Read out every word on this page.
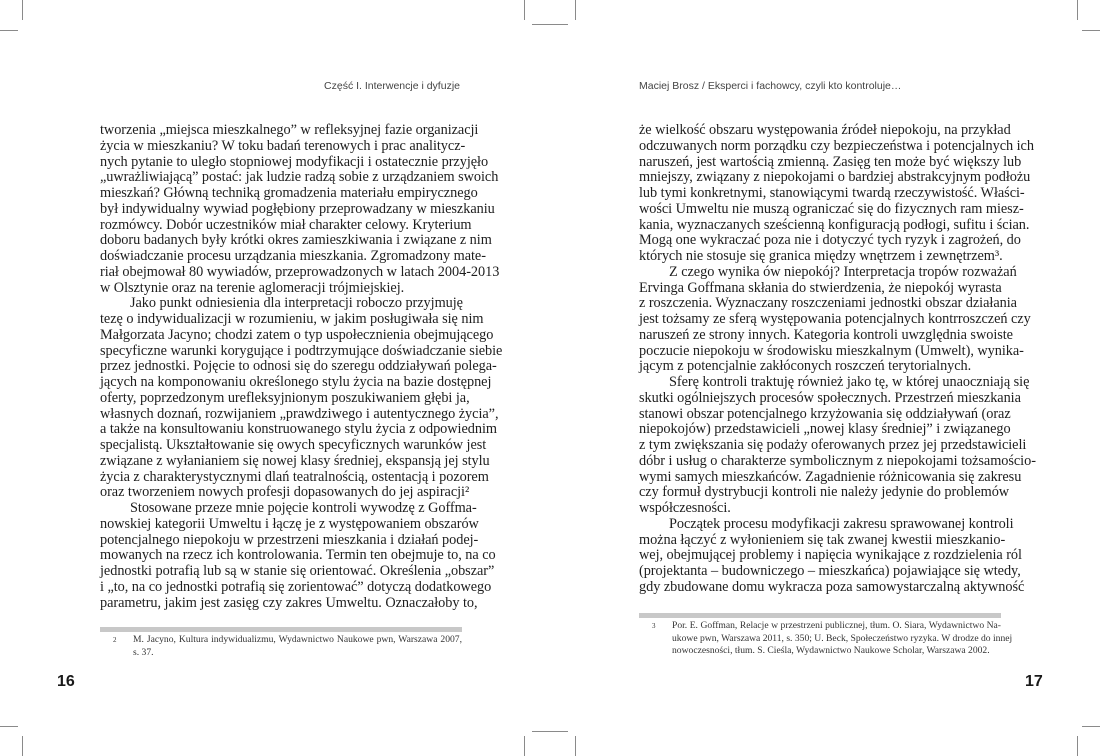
Część I. Interwencje i dyfuzje
tworzenia „miejsca mieszkalnego” w refleksyjnej fazie organizacji
życia w mieszkaniu? W toku badań terenowych i prac analitycz-
nych pytanie to uległo stopniowej modyfikacji i ostatecznie przyjęło
„uwrażliwiającą” postać: jak ludzie radzą sobie z urządzaniem swoich
mieszkań? Główną techniką gromadzenia materiału empirycznego
był indywidualny wywiad pogłębiony przeprowadzany w mieszkaniu
rozmówcy. Dobór uczestników miał charakter celowy. Kryterium
doboru badanych były krótki okres zamieszkiwania i związane z nim
doświadczanie procesu urządzania mieszkania. Zgromadzony mate-
riał obejmował 80 wywiadów, przeprowadzonych w latach 2004-2013
w Olsztynie oraz na terenie aglomeracji trójmiejskiej.
Jako punkt odniesienia dla interpretacji roboczo przyjmuję
tezę o indywidualizacji w rozumieniu, w jakim posługiwała się nim
Małgorzata Jacyno; chodzi zatem o typ uspołecznienia obejmującego
specyficzne warunki korygujące i podtrzymujące doświadczanie siebie
przez jednostki. Pojęcie to odnosi się do szeregu oddziaływań polega-
jących na komponowaniu określonego stylu życia na bazie dostępnej
oferty, poprzedzonym urefleksyjnionym poszukiwaniem głębi ja,
własnych doznań, rozwijaniem „prawdziwego i autentycznego życia”,
a także na konsultowaniu konstruowanego stylu życia z odpowiednim
specjalistą. Ukształtowanie się owych specyficznych warunków jest
związane z wyłanianiem się nowej klasy średniej, ekspansją jej stylu
życia z charakterystycznymi dlań teatralnością, ostentacją i pozorem
oraz tworzeniem nowych profesji dopasowanych do jej aspiracji²
Stosowane przeze mnie pojęcie kontroli wywodzę z Goffma-
nowskiej kategorii Umweltu i łączę je z występowaniem obszarów
potencjalnego niepokoju w przestrzeni mieszkania i działań podej-
mowanych na rzecz ich kontrolowania. Termin ten obejmuje to, na co
jednostki potrafią lub są w stanie się orientować. Określenia „obszar”
i „to, na co jednostki potrafią się zorientować” dotyczą dodatkowego
parametru, jakim jest zasięg czy zakres Umweltu. Oznaczałoby to,
2 M. Jacyno, Kultura indywidualizmu, Wydawnictwo Naukowe pwn, Warszawa 2007,
s. 37.
16
Maciej Brosz / Eksperci i fachowcy, czyli kto kontroluje…
że wielkość obszaru występowania źródeł niepokoju, na przykład
odczuwanych norm porządku czy bezpieczeństwa i potencjalnych ich
naruszeń, jest wartością zmienną. Zasięg ten może być większy lub
mniejszy, związany z niepokojami o bardziej abstrakcyjnym podłożu
lub tymi konkretnymi, stanowiącymi twardą rzeczywistość. Właści-
wości Umweltu nie muszą ograniczać się do fizycznych ram miesz-
kania, wyznaczanych sześcienną konfiguracją podłogi, sufitu i ścian.
Mogą one wykraczać poza nie i dotyczyć tych ryzyk i zagrożeń, do
których nie stosuje się granica między wnętrzem i zewnętrzem³.
Z czego wynika ów niepokój? Interpretacja tropów rozważań
Ervinga Goffmana skłania do stwierdzenia, że niepokój wyrasta
z roszczenia. Wyznaczany roszczeniami jednostki obszar działania
jest tożsamy ze sferą występowania potencjalnych kontrroszczeń czy
naruszeń ze strony innych. Kategoria kontroli uwzględnia swoiste
poczucie niepokoju w środowisku mieszkalnym (Umwelt), wynika-
jącym z potencjalnie zakłóconych roszczeń terytorialnych.
Sferę kontroli traktuję również jako tę, w której unaoczniają się
skutki ogólniejszych procesów społecznych. Przestrzeń mieszkania
stanowi obszar potencjalnego krzyżowania się oddziaływań (oraz
niepokojów) przedstawicieli „nowej klasy średniej” i związanego
z tym zwiększania się podaży oferowanych przez jej przedstawicieli
dóbr i usług o charakterze symbolicznym z niepokojami tożsamościo-
wymi samych mieszkańców. Zagadnienie różnicowania się zakresu
czy formuł dystrybucji kontroli nie należy jedynie do problemów
współczesności.
Początek procesu modyfikacji zakresu sprawowanej kontroli
można łączyć z wyłonieniem się tak zwanej kwestii mieszkanio-
wej, obejmującej problemy i napięcia wynikające z rozdzielenia ról
(projektanta – budowniczego – mieszkańca) pojawiające się wtedy,
gdy zbudowane domu wykracza poza samowystarczalną aktywność
3 Por. E. Goffman, Relacje w przestrzeni publicznej, tłum. O. Siara, Wydawnictwo Na-
ukowe pwn, Warszawa 2011, s. 350; U. Beck, Społeczeństwo ryzyka. W drodze do innej
nowoczesności, tłum. S. Cieśla, Wydawnictwo Naukowe Scholar, Warszawa 2002.
17
